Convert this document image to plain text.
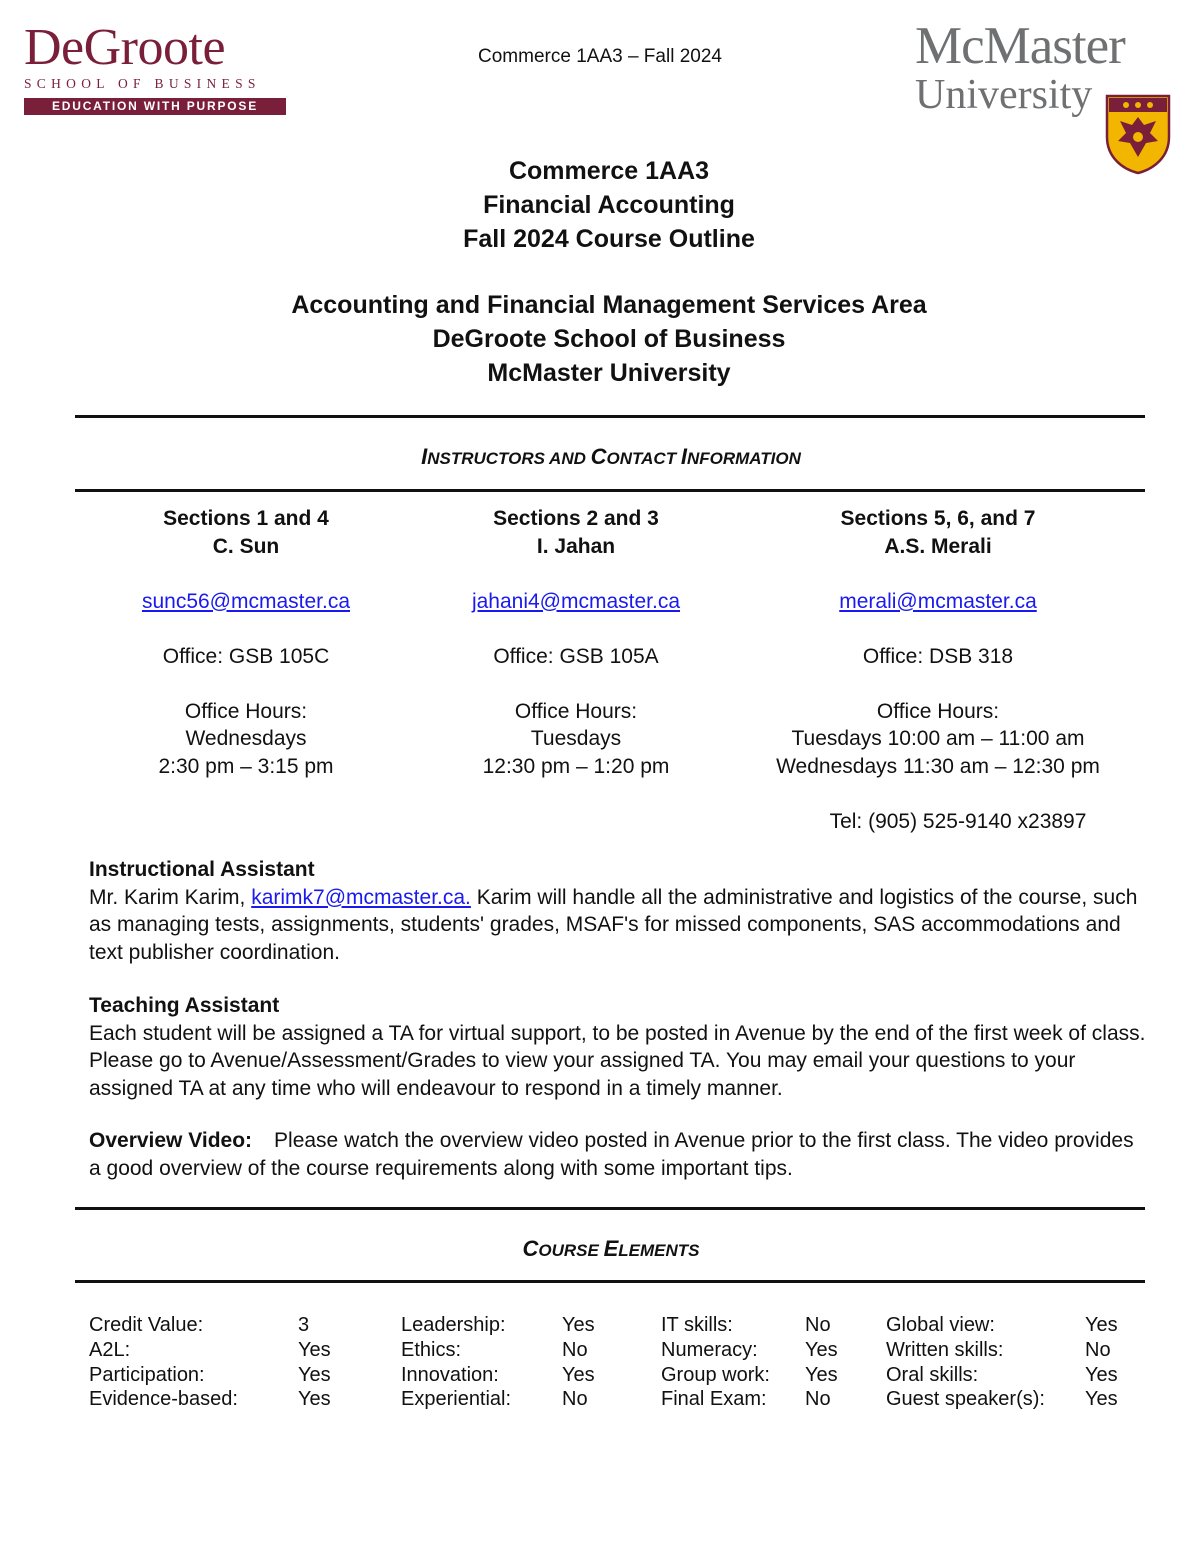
DeGroote
SCHOOL OF BUSINESS
EDUCATION WITH PURPOSE
Commerce 1AA3 – Fall 2024	McMaster
University
Commerce 1AA3
Financial Accounting
Fall 2024 Course Outline
Accounting and Financial Management Services Area
DeGroote School of Business
McMaster University
INSTRUCTORS AND CONTACT INFORMATION
Sections 1 and 4
C. Sun
sunc56@mcmaster.ca
Office: GSB 105C
Office Hours:
Wednesdays
2:30 pm – 3:15 pm
Sections 2 and 3
I. Jahan
jahani4@mcmaster.ca
Office: GSB 105A
Office Hours:
Tuesdays
12:30 pm – 1:20 pm
Sections 5, 6, and 7
A.S. Merali
merali@mcmaster.ca
Office: DSB 318
Office Hours:
Tuesdays 10:00 am – 11:00 am
Wednesdays 11:30 am – 12:30 pm
Tel: (905) 525-9140 x23897
Instructional Assistant
Mr. Karim Karim, karimk7@mcmaster.ca. Karim will handle all the administrative and logistics of the course, such as managing tests, assignments, students' grades, MSAF's for missed components, SAS accommodations and text publisher coordination.
Teaching Assistant
Each student will be assigned a TA for virtual support, to be posted in Avenue by the end of the first week of class. Please go to Avenue/Assessment/Grades to view your assigned TA. You may email your questions to your assigned TA at any time who will endeavour to respond in a timely manner.
Overview Video: Please watch the overview video posted in Avenue prior to the first class. The video provides a good overview of the course requirements along with some important tips.
COURSE ELEMENTS
Credit Value:	3	Leadership:	Yes	IT skills:	No	Global view:	Yes
A2L:	Yes	Ethics:	No	Numeracy: Yes Written skills:	No
Participation:	Yes	Innovation:	Yes	Group work: Yes Oral skills:	Yes
Evidence-based:	Yes	Experiential:	No	Final Exam: No	Guest speaker(s): Yes
